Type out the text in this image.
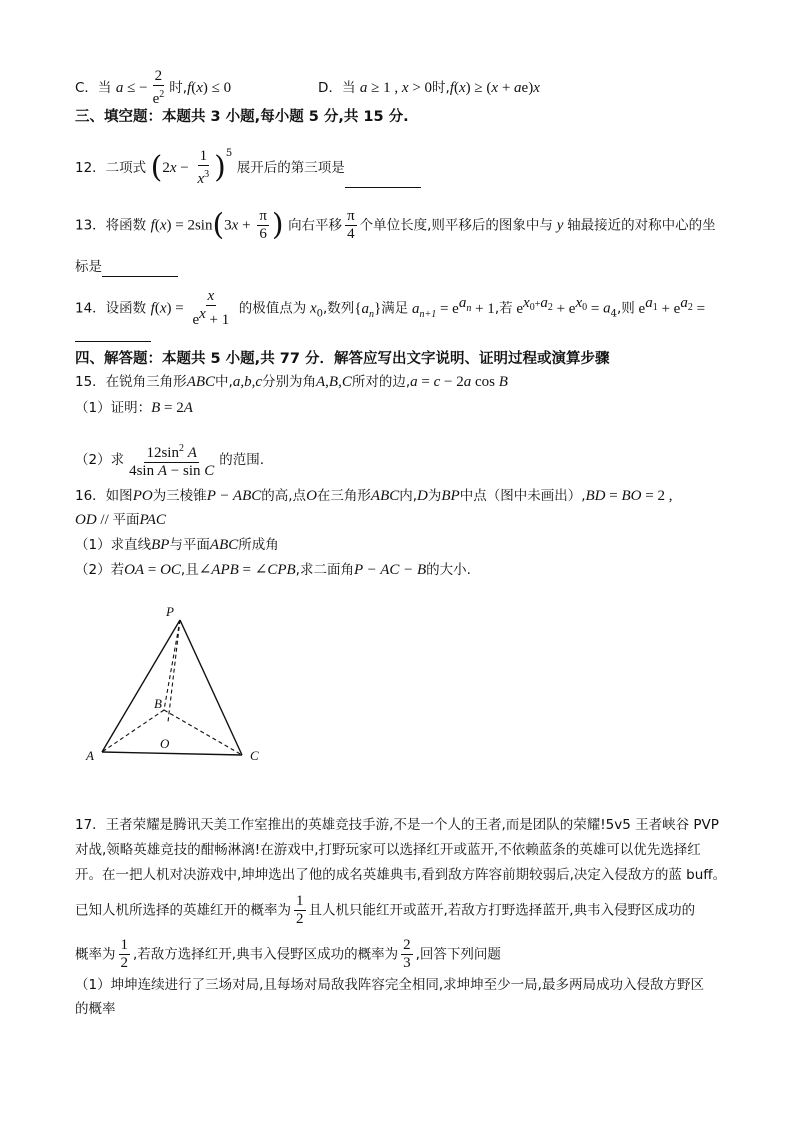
C．当 a ≤ − $\frac{2}{e^2}$ 时,f(x) ≤ 0	D．当 a ≥ 1 , x > 0时,f(x) ≥ (x + ae)x
三、填空题：本题共 3 小题,每小题 5 分,共 15 分.
12．二项式 $(2x - \frac{1}{x^3} )^5$ 展开后的第三项是
13．将函数 $f(x) = 2\sin(3x + \frac{\pi}{6}$ ) 向右平移 $\frac{\pi}{4}$ 个单位长度,则平移后的图象中与 y 轴最接近的对称中心的坐
标是
14．设函数 $f(x) = \frac{x}{e^x + 1}$ 的极值点为 $x_0$,数列$\{a_n\}$满足 $a_{n+1} = e^{a_n} + 1$,若 $e^{x_0+a_2} + e^{x_0} = a_4$,则 $e^{a_1} + e^{a_2}$ =
四、解答题：本题共 5 小题,共 77 分．解答应写出文字说明、证明过程或演算步骤
15．在锐角三角形ABC中,a,b,c分别为角A,B,C所对的边,a = c − 2a cos B
（1）证明：B = 2A
（2）求 $\frac{12\sin^2 A}{\text{4sin A − sin C}}$ 的范围.
16．如图PO为三棱锥P − ABC的高,点O在三角形ABC内,D为BP中点（图中未画出）,BD = BO = 2 ,
OD // 平面PAC
（1）求直线BP与平面ABC所成角
（2）若OA = OC,且∠APB = ∠CPB,求二面角P − AC − B的大小.
P
B
O
A	C
17．王者荣耀是腾讯天美工作室推出的英雄竞技手游,不是一个人的王者,而是团队的荣耀!5v5 王者峡谷 PVP
对战,领略英雄竞技的酣畅淋漓!在游戏中,打野玩家可以选择红开或蓝开,不依赖蓝条的英雄可以优先选择红
开。在一把人机对决游戏中,坤坤选出了他的成名英雄典韦,看到敌方阵容前期较弱后,决定入侵敌方的蓝 buff。
已知人机所选择的英雄红开的概率为 $\frac{1}{2}$ 且人机只能红开或蓝开,若敌方打野选择蓝开,典韦入侵野区成功的
概率为 $\frac{1}{2}$ ,若敌方选择红开,典韦入侵野区成功的概率为 $\frac{2}{3}$ ,回答下列问题
（1）坤坤连续进行了三场对局,且每场对局敌我阵容完全相同,求坤坤至少一局,最多两局成功入侵敌方野区
的概率
